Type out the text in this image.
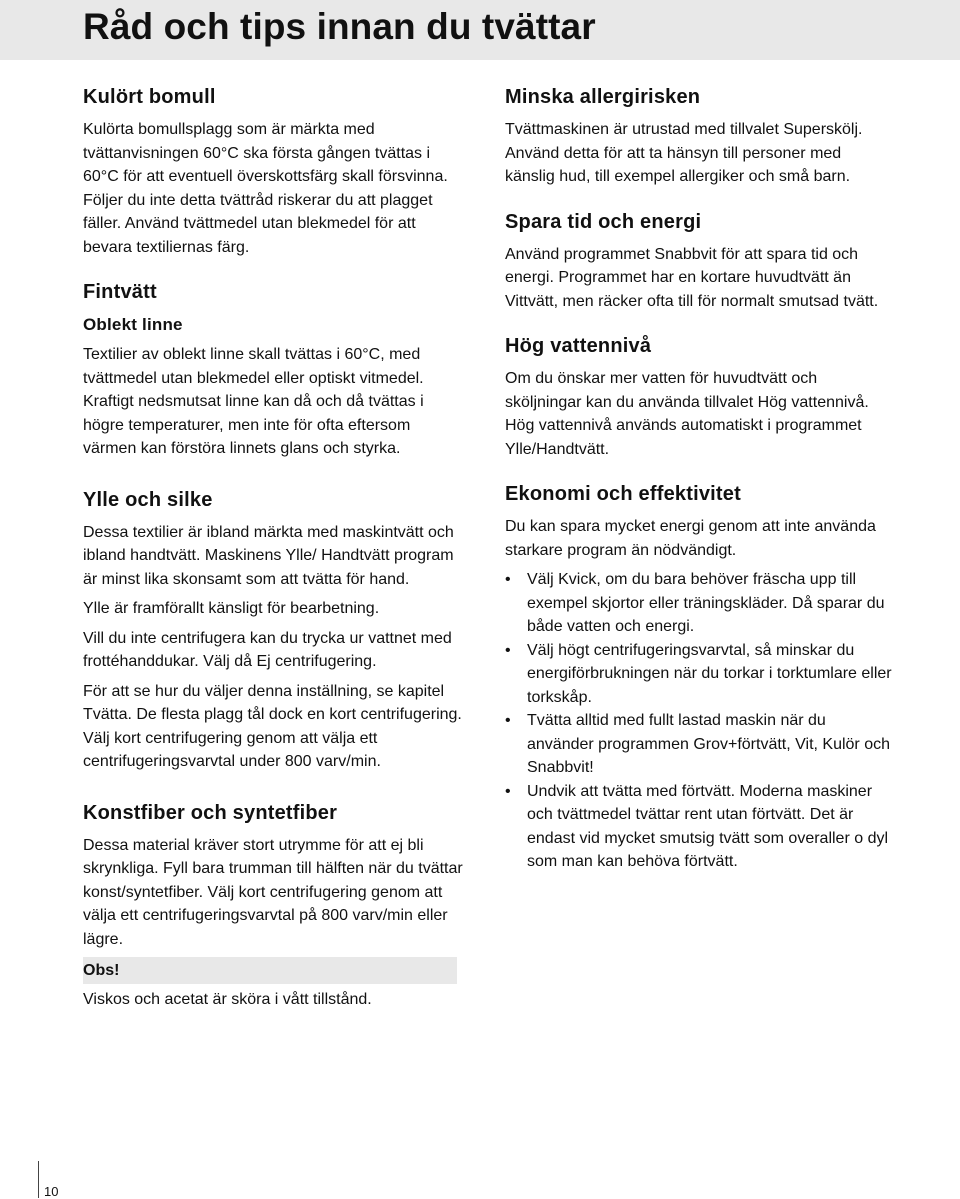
Råd och tips innan du tvättar
Kulört bomull

Kulörta bomullsplagg som är märkta med tvättanvisningen 60°C ska första gången tvättas i 60°C för att eventuell överskottsfärg skall försvinna. Följer du inte detta tvättråd riskerar du att plagget fäller. Använd tvättmedel utan blekmedel för att bevara textiliernas färg.

Fintvätt
Oblekt linne

Textilier av oblekt linne skall tvättas i 60°C, med tvättmedel utan blekmedel eller optiskt vitmedel. Kraftigt nedsmutsat linne kan då och då tvättas i högre temperaturer, men inte för ofta eftersom värmen kan förstöra linnets glans och styrka.

Ylle och silke

Dessa textilier är ibland märkta med maskintvätt och ibland handtvätt. Maskinens Ylle/ Handtvätt program är minst lika skonsamt som att tvätta för hand.

Ylle är framförallt känsligt för bearbetning.

Vill du inte centrifugera kan du trycka ur vattnet med frottéhanddukar. Välj då Ej centrifugering.

För att se hur du väljer denna inställning, se kapitel Tvätta. De flesta plagg tål dock en kort centrifugering. Välj kort centrifugering genom att välja ett centrifugeringsvarvtal under 800 varv/min.

Konstfiber och syntetfiber

Dessa material kräver stort utrymme för att ej bli skrynkliga. Fyll bara trumman till hälften när du tvättar konst/syntetfiber. Välj kort centrifugering genom att välja ett centrifugeringsvarvtal på 800 varv/min eller lägre.

Obs!

Viskos och acetat är sköra i vått tillstånd.

Minska allergirisken

Tvättmaskinen är utrustad med tillvalet Superskölj. Använd detta för att ta hänsyn till personer med känslig hud, till exempel allergiker och små barn.

Spara tid och energi

Använd programmet Snabbvit för att spara tid och energi. Programmet har en kortare huvudtvätt än Vittvätt, men räcker ofta till för normalt smutsad tvätt.

Hög vattennivå

Om du önskar mer vatten för huvudtvätt och sköljningar kan du använda tillvalet Hög vattennivå. Hög vattennivå används automatiskt i programmet Ylle/Handtvätt.

Ekonomi och effektivitet

Du kan spara mycket energi genom att inte använda starkare program än nödvändigt.

• Välj Kvick, om du bara behöver fräscha upp till exempel skjortor eller träningskläder. Då sparar du både vatten och energi.
• Välj högt centrifugeringsvarvtal, så minskar du energiförbrukningen när du torkar i torktumlare eller torkskåp.
• Tvätta alltid med fullt lastad maskin när du använder programmen Grov+förtvätt, Vit, Kulör och Snabbvit!
• Undvik att tvätta med förtvätt. Moderna maskiner och tvättmedel tvättar rent utan förtvätt. Det är endast vid mycket smutsig tvätt som overaller o dyl som man kan behöva förtvätt.
10
